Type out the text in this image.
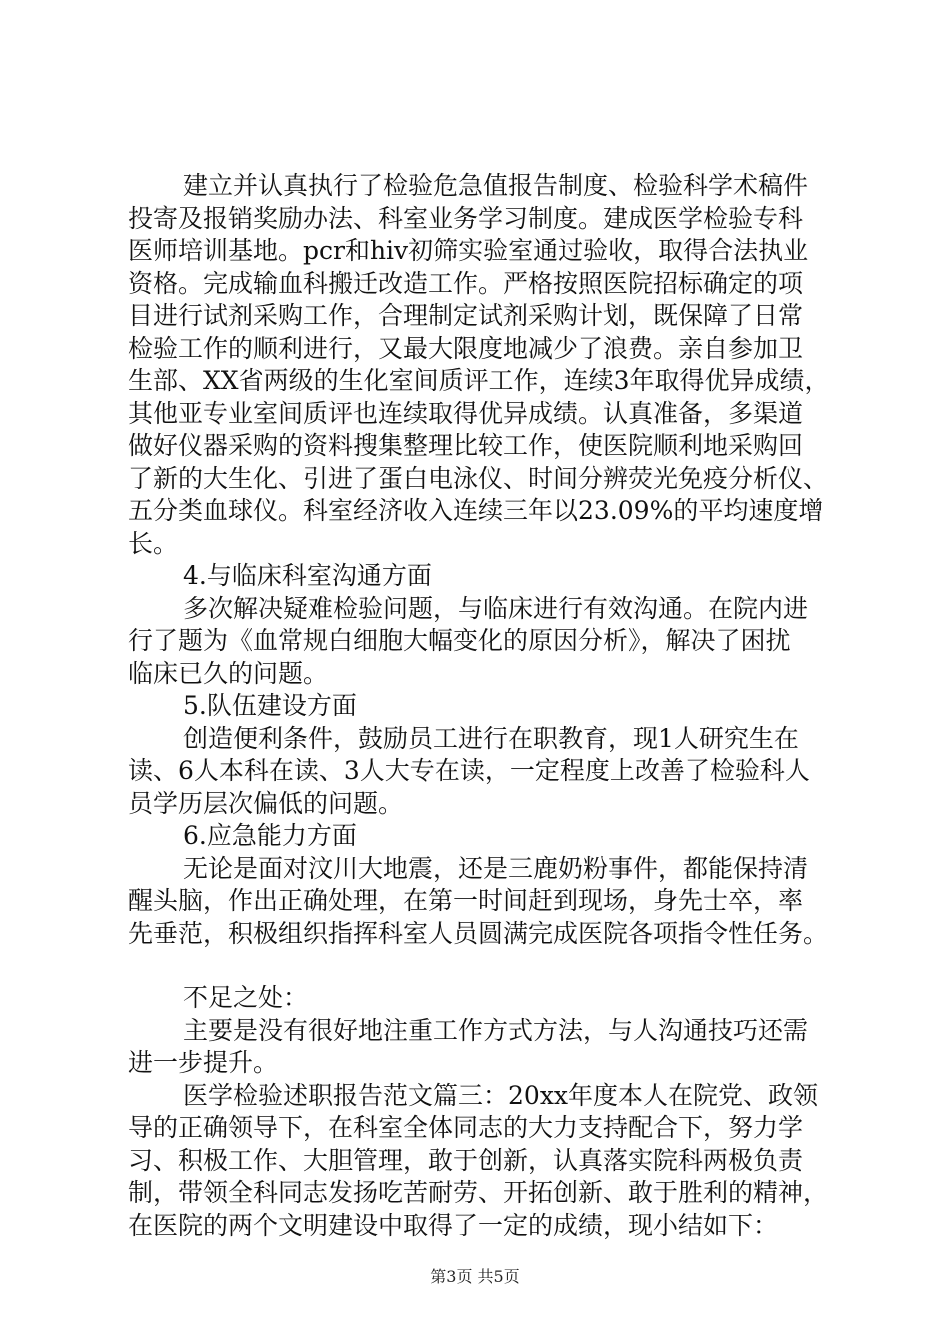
建立并认真执行了检验危急值报告制度、检验科学术稿件
投寄及报销奖励办法、科室业务学习制度。建成医学检验专科
医师培训基地。pcr和hiv初筛实验室通过验收，取得合法执业
资格。完成输血科搬迁改造工作。严格按照医院招标确定的项
目进行试剂采购工作，合理制定试剂采购计划，既保障了日常
检验工作的顺利进行，又最大限度地减少了浪费。亲自参加卫
生部、XX省两级的生化室间质评工作，连续3年取得优异成绩，
其他亚专业室间质评也连续取得优异成绩。认真准备，多渠道
做好仪器采购的资料搜集整理比较工作，使医院顺利地采购回
了新的大生化、引进了蛋白电泳仪、时间分辨荧光免疫分析仪、
五分类血球仪。科室经济收入连续三年以23.09%的平均速度增
长。
4.与临床科室沟通方面
多次解决疑难检验问题，与临床进行有效沟通。在院内进
行了题为《血常规白细胞大幅变化的原因分析》，解决了困扰
临床已久的问题。
5.队伍建设方面
创造便利条件，鼓励员工进行在职教育，现1人研究生在
读、6人本科在读、3人大专在读，一定程度上改善了检验科人
员学历层次偏低的问题。
6.应急能力方面
无论是面对汶川大地震，还是三鹿奶粉事件，都能保持清
醒头脑，作出正确处理，在第一时间赶到现场，身先士卒，率
先垂范，积极组织指挥科室人员圆满完成医院各项指令性任务。
不足之处：
主要是没有很好地注重工作方式方法，与人沟通技巧还需
进一步提升。
医学检验述职报告范文篇三：20xx年度本人在院党、政领
导的正确领导下，在科室全体同志的大力支持配合下，努力学
习、积极工作、大胆管理，敢于创新，认真落实院科两极负责
制，带领全科同志发扬吃苦耐劳、开拓创新、敢于胜利的精神，
在医院的两个文明建设中取得了一定的成绩，现小结如下：
第3页 共5页
